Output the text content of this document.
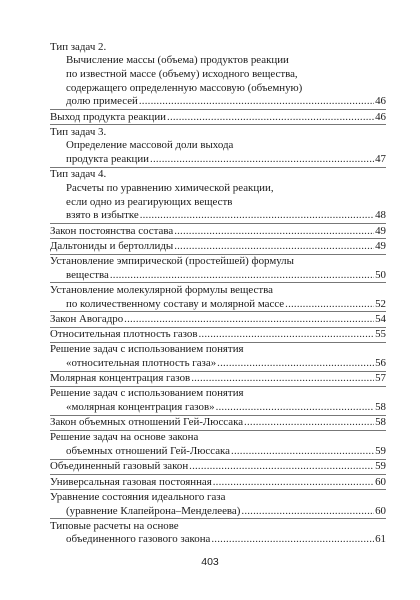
Тип задач 2.
Вычисление массы (объема) продуктов реакции
по известной массе (объему) исходного вещества,
содержащего определенную массовую (объемную)
долю примесей .....	46
Выход продукта реакции .....	46
Тип задач 3.
Определение массовой доли выхода
продукта реакции .....	47
Тип задач 4.
Расчеты по уравнению химической реакции,
если одно из реагирующих веществ
взято в избытке .....	48
Закон постоянства состава .....	49
Дальтониды и бертоллиды .....	49
Установление эмпирической (простейшей) формулы
вещества .....	50
Установление молекулярной формулы вещества
по количественному составу и молярной массе .....	52
Закон Авогадро .....	54
Относительная плотность газов .....	55
Решение задач с использованием понятия
«относительная плотность газа» .....	56
Молярная концентрация газов .....	57
Решение задач с использованием понятия
«молярная концентрация газов» .....	58
Закон объемных отношений Гей-Люссака .....	58
Решение задач на основе закона
объемных отношений Гей-Люссака .....	59
Объединенный газовый закон .....	59
Универсальная газовая постоянная .....	60
Уравнение состояния идеального газа
(уравнение Клапейрона–Менделеева) .....	60
Типовые расчеты на основе
объединенного газового закона .....	61
403
